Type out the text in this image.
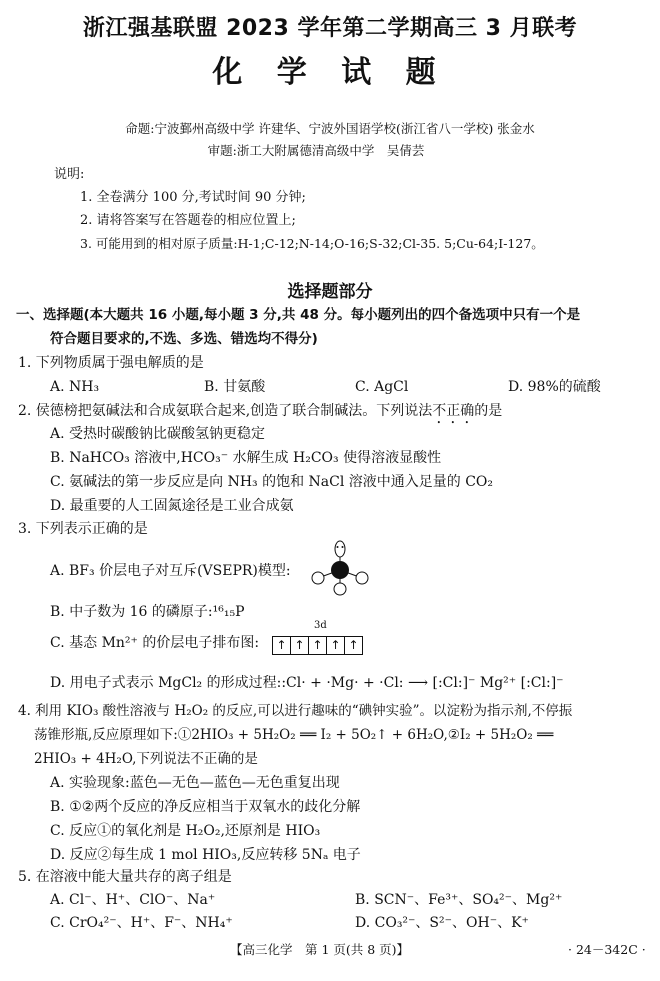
浙江强基联盟 2023 学年第二学期高三 3 月联考
化 学 试 题
命题:宁波鄞州高级中学 许建华、宁波外国语学校(浙江省八一学校) 张金水
审题:浙工大附属德清高级中学　吴倩芸
说明:
1. 全卷满分 100 分,考试时间 90 分钟;
2. 请将答案写在答题卷的相应位置上;
3. 可能用到的相对原子质量:H-1;C-12;N-14;O-16;S-32;Cl-35. 5;Cu-64;I-127。
选择题部分
一、选择题(本大题共 16 小题,每小题 3 分,共 48 分。每小题列出的四个备选项中只有一个是
符合题目要求的,不选、多选、错选均不得分)
1. 下列物质属于强电解质的是
A. NH₃	B. 甘氨酸	C. AgCl	D. 98%的硫酸
2. 侯德榜把氨碱法和合成氨联合起来,创造了联合制碱法。下列说法不正确的是
A. 受热时碳酸钠比碳酸氢钠更稳定
B. NaHCO₃ 溶液中,HCO₃⁻ 水解生成 H₂CO₃ 使得溶液显酸性
C. 氨碱法的第一步反应是向 NH₃ 的饱和 NaCl 溶液中通入足量的 CO₂
D. 最重要的人工固氮途径是工业合成氨
3. 下列表示正确的是
A. BF₃ 价层电子对互斥(VSEPR)模型:
B. 中子数为 16 的磷原子:¹⁶₁₅P
C. 基态 Mn²⁺ 的价层电子排布图:
3d
↑ ↑ ↑ ↑ ↑
D. 用电子式表示 MgCl₂ 的形成过程::Cl· + ·Mg· + ·Cl: ⟶ [:Cl:]⁻ Mg²⁺ [:Cl:]⁻
4. 利用 KIO₃ 酸性溶液与 H₂O₂ 的反应,可以进行趣味的“碘钟实验”。以淀粉为指示剂,不停振
荡锥形瓶,反应原理如下:①2HIO₃ + 5H₂O₂ ══ I₂ + 5O₂↑ + 6H₂O,②I₂ + 5H₂O₂ ══
2HIO₃ + 4H₂O,下列说法不正确的是
A. 实验现象:蓝色—无色—蓝色—无色重复出现
B. ①②两个反应的净反应相当于双氧水的歧化分解
C. 反应①的氧化剂是 H₂O₂,还原剂是 HIO₃
D. 反应②每生成 1 mol HIO₃,反应转移 5Nₐ 电子
5. 在溶液中能大量共存的离子组是
A. Cl⁻、H⁺、ClO⁻、Na⁺	B. SCN⁻、Fe³⁺、SO₄²⁻、Mg²⁺
C. CrO₄²⁻、H⁺、F⁻、NH₄⁺	D. CO₃²⁻、S²⁻、OH⁻、K⁺
【高三化学　第 1 页(共 8 页)】	· 24－342C ·
